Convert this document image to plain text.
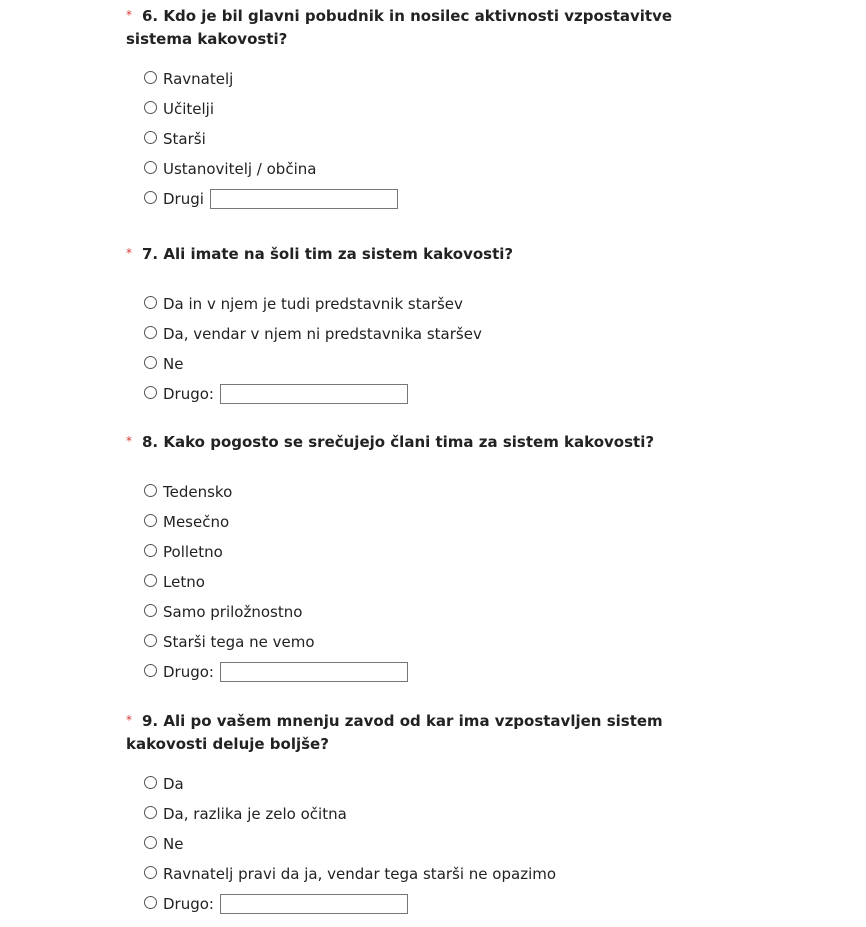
* 6. Kdo je bil glavni pobudnik in nosilec aktivnosti vzpostavitve sistema kakovosti?

Ravnatelj
Učitelji
Starši
Ustanovitelj / občina
Drugi

* 7. Ali imate na šoli tim za sistem kakovosti?

Da in v njem je tudi predstavnik staršev
Da, vendar v njem ni predstavnika staršev
Ne
Drugo:

* 8. Kako pogosto se srečujejo člani tima za sistem kakovosti?

Tedensko
Mesečno
Polletno
Letno
Samo priložnostno
Starši tega ne vemo
Drugo:

* 9. Ali po vašem mnenju zavod od kar ima vzpostavljen sistem kakovosti deluje boljše?

Da
Da, razlika je zelo očitna
Ne
Ravnatelj pravi da ja, vendar tega starši ne opazimo
Drugo:
